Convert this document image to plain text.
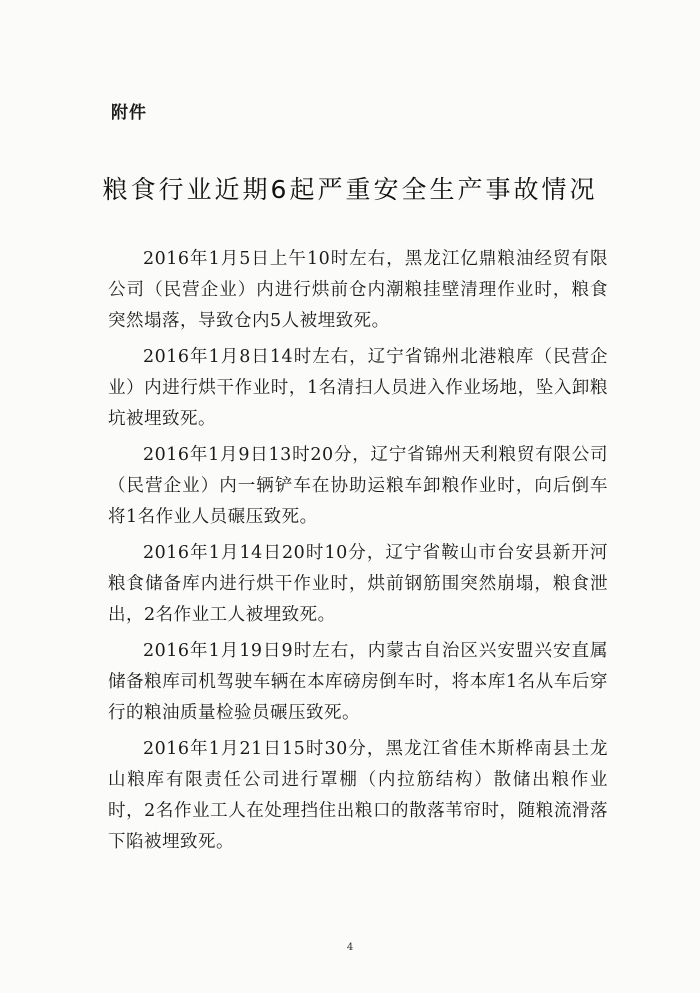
附件
粮食行业近期6起严重安全生产事故情况

2016年1月5日上午10时左右，黑龙江亿鼎粮油经贸有限公司（民营企业）内进行烘前仓内潮粮挂壁清理作业时，粮食突然塌落，导致仓内5人被埋致死。

2016年1月8日14时左右，辽宁省锦州北港粮库（民营企业）内进行烘干作业时，1名清扫人员进入作业场地，坠入卸粮坑被埋致死。

2016年1月9日13时20分，辽宁省锦州天利粮贸有限公司（民营企业）内一辆铲车在协助运粮车卸粮作业时，向后倒车将1名作业人员碾压致死。

2016年1月14日20时10分，辽宁省鞍山市台安县新开河粮食储备库内进行烘干作业时，烘前钢筋围突然崩塌，粮食泄出，2名作业工人被埋致死。

2016年1月19日9时左右，内蒙古自治区兴安盟兴安直属储备粮库司机驾驶车辆在本库磅房倒车时，将本库1名从车后穿行的粮油质量检验员碾压致死。

2016年1月21日15时30分，黑龙江省佳木斯桦南县土龙山粮库有限责任公司进行罩棚（内拉筋结构）散储出粮作业时，2名作业工人在处理挡住出粮口的散落苇帘时，随粮流滑落下陷被埋致死。

4
